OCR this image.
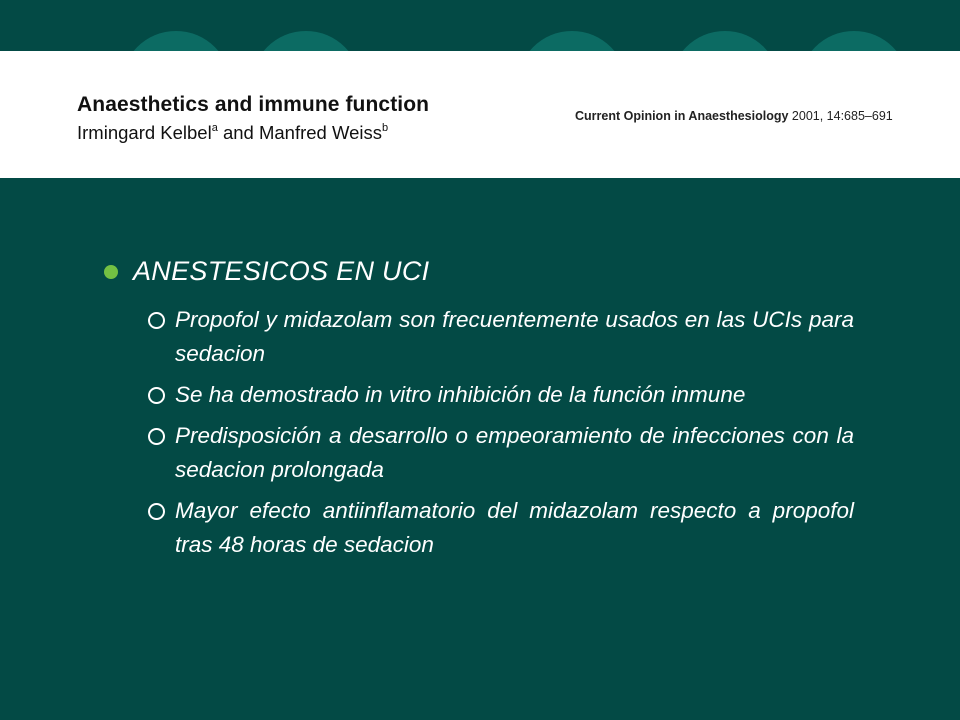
Anaesthetics and immune function
Irmingard Kelbel$^a$ and Manfred Weiss$^b$
Current Opinion in Anaesthesiology 2001, 14:685–691
ANESTESICOS EN UCI
Propofol y midazolam son frecuentemente usados en las UCIs para sedacion
Se ha demostrado in vitro inhibición de la función inmune
Predisposición a desarrollo o empeoramiento de infecciones con la sedacion prolongada
Mayor efecto antiinflamatorio del midazolam respecto a propofol tras 48 horas de sedacion
